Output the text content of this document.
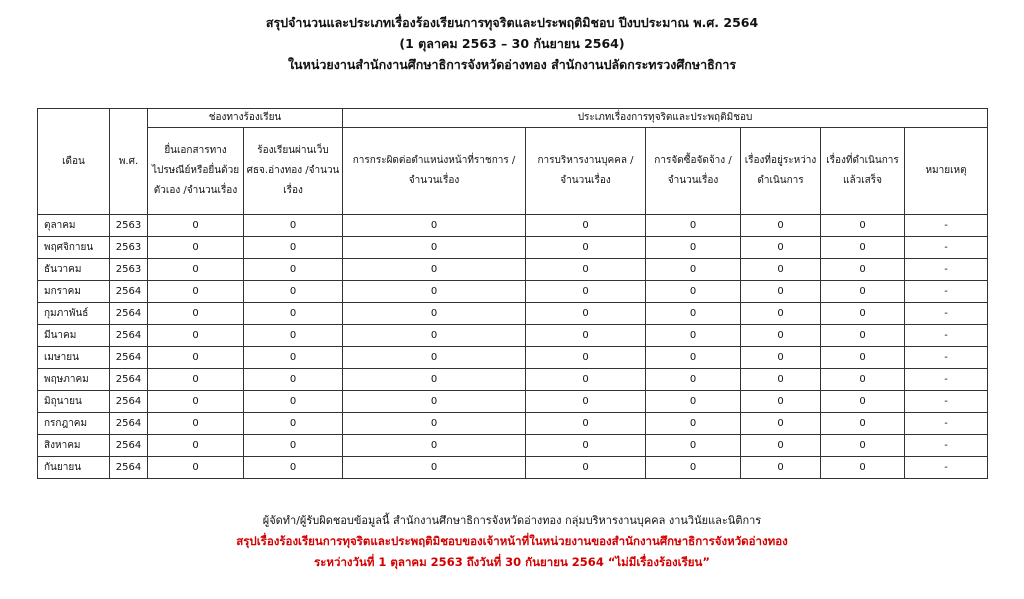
สรุปจำนวนและประเภทเรื่องร้องเรียนการทุจริตและประพฤติมิชอบ ปีงบประมาณ พ.ศ. 2564
(1 ตุลาคม 2563 – 30 กันยายน 2564)
ในหน่วยงานสำนักงานศึกษาธิการจังหวัดอ่างทอง สำนักงานปลัดกระทรวงศึกษาธิการ
เดือน	พ.ศ.	ช่องทางร้องเรียน		ประเภทเรื่องการทุจริตและประพฤติมิชอบ					
		ยื่นเอกสารทางไปรษณีย์หรือยื่นด้วยตัวเอง /จำนวนเรื่อง	ร้องเรียนผ่านเว็บศธจ.อ่างทอง /จำนวนเรื่อง	การกระผิดต่อตำแหน่งหน้าที่ราชการ /จำนวนเรื่อง	การบริหารงานบุคคล /จำนวนเรื่อง	การจัดซื้อจัดจ้าง /จำนวนเรื่อง	เรื่องที่อยู่ระหว่างดำเนินการ	เรื่องที่ดำเนินการแล้วเสร็จ	หมายเหตุ
ตุลาคม	2563	0	0	0	0	0	0	0	-
พฤศจิกายน	2563	0	0	0	0	0	0	0	-
ธันวาคม	2563	0	0	0	0	0	0	0	-
มกราคม	2564	0	0	0	0	0	0	0	-
กุมภาพันธ์	2564	0	0	0	0	0	0	0	-
มีนาคม	2564	0	0	0	0	0	0	0	-
เมษายน	2564	0	0	0	0	0	0	0	-
พฤษภาคม	2564	0	0	0	0	0	0	0	-
มิถุนายน	2564	0	0	0	0	0	0	0	-
กรกฎาคม	2564	0	0	0	0	0	0	0	-
สิงหาคม	2564	0	0	0	0	0	0	0	-
กันยายน	2564	0	0	0	0	0	0	0	-
ผู้จัดทำ/ผู้รับผิดชอบข้อมูลนี้ สำนักงานศึกษาธิการจังหวัดอ่างทอง กลุ่มบริหารงานบุคคล งานวินัยและนิติการ
สรุปเรื่องร้องเรียนการทุจริตและประพฤติมิชอบของเจ้าหน้าที่ในหน่วยงานของสำนักงานศึกษาธิการจังหวัดอ่างทอง
ระหว่างวันที่ 1 ตุลาคม 2563 ถึงวันที่ 30 กันยายน 2564 “ไม่มีเรื่องร้องเรียน”
